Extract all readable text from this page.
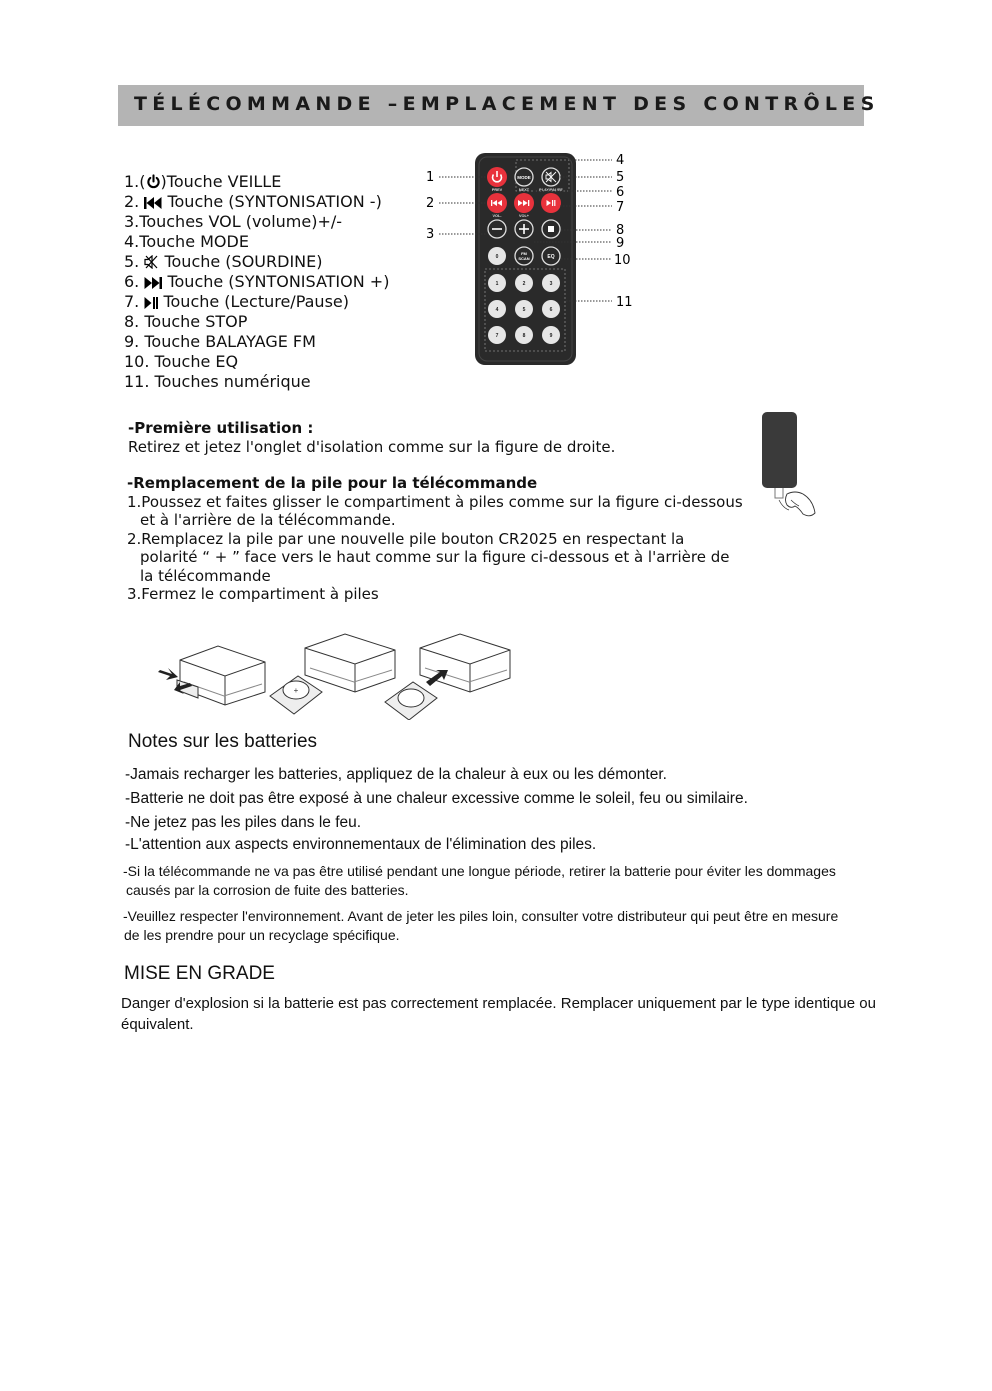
TÉLÉCOMMANDE –EMPLACEMENT DES CONTRÔLES
1.( )Touche VEILLE
2. Touche (SYNTONISATION -)
3.Touches VOL (volume)+/-
4.Touche MODE
5. Touche (SOURDINE)
6. Touche (SYNTONISATION +)
7. Touche (Lecture/Pause)
8. Touche STOP
9. Touche BALAYAGE FM
10. Touche EQ
11. Touches numérique
MODE
PREV	NEXT	PLAY/PAUSE
VOL-	VOL+
0
FM
SCAN	EQ
1	2	3
4	5	6
7	8	9
1
2
3
4
5
6
7
8
9
10
11
-Première utilisation :
Retirez et jetez l'onglet d'isolation comme sur la figure de droite.
-Remplacement de la pile pour la télécommande
1.Poussez et faites glisser le compartiment à piles comme sur la figure ci-dessous
et à l'arrière de la télécommande.
2.Remplacez la pile par une nouvelle pile bouton CR2025 en respectant la
polarité “ + ” face vers le haut comme sur la figure ci-dessous et à l'arrière de
la télécommande
3.Fermez le compartiment à piles
+
Notes sur les batteries
-Jamais recharger les batteries, appliquez de la chaleur à eux ou les démonter.
-Batterie ne doit pas être exposé à une chaleur excessive comme le soleil, feu ou similaire.
-Ne jetez pas les piles dans le feu.
-L'attention aux aspects environnementaux de l'élimination des piles.
-Si la télécommande ne va pas être utilisé pendant une longue période, retirer la batterie pour éviter les dommages
causés par la corrosion de fuite des batteries.
-Veuillez respecter l'environnement. Avant de jeter les piles loin, consulter votre distributeur qui peut être en mesure
de les prendre pour un recyclage spécifique.
MISE EN GRADE
Danger d'explosion si la batterie est pas correctement remplacée. Remplacer uniquement par le type identique ou
équivalent.
